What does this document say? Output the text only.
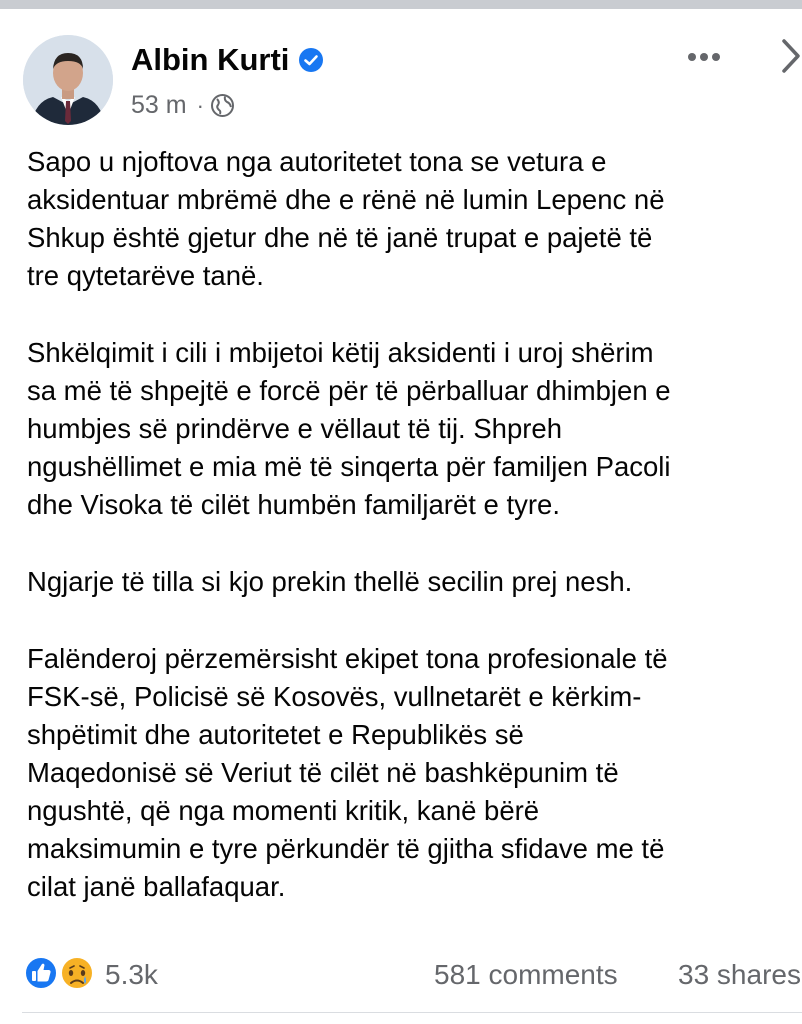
Albin Kurti
53 m ·

Sapo u njoftova nga autoritetet tona se vetura e
aksidentuar mbrëmë dhe e rënë në lumin Lepenc në
Shkup është gjetur dhe në të janë trupat e pajetë të
tre qytetarëve tanë.

Shkëlqimit i cili i mbijetoi këtij aksidenti i uroj shërim
sa më të shpejtë e forcë për të përballuar dhimbjen e
humbjes së prindërve e vëllaut të tij. Shpreh
ngushëllimet e mia më të sinqerta për familjen Pacoli
dhe Visoka të cilët humbën familjarët e tyre.

Ngjarje të tilla si kjo prekin thellë secilin prej nesh.

Falënderoj përzemërsisht ekipet tona profesionale të
FSK-së, Policisë së Kosovës, vullnetarët e kërkim-
shpëtimit dhe autoritetet e Republikës së
Maqedonisë së Veriut të cilët në bashkëpunim të
ngushtë, që nga momenti kritik, kanë bërë
maksimumin e tyre përkundër të gjitha sfidave me të
cilat janë ballafaquar.

5.3k	581 comments 33 shares
